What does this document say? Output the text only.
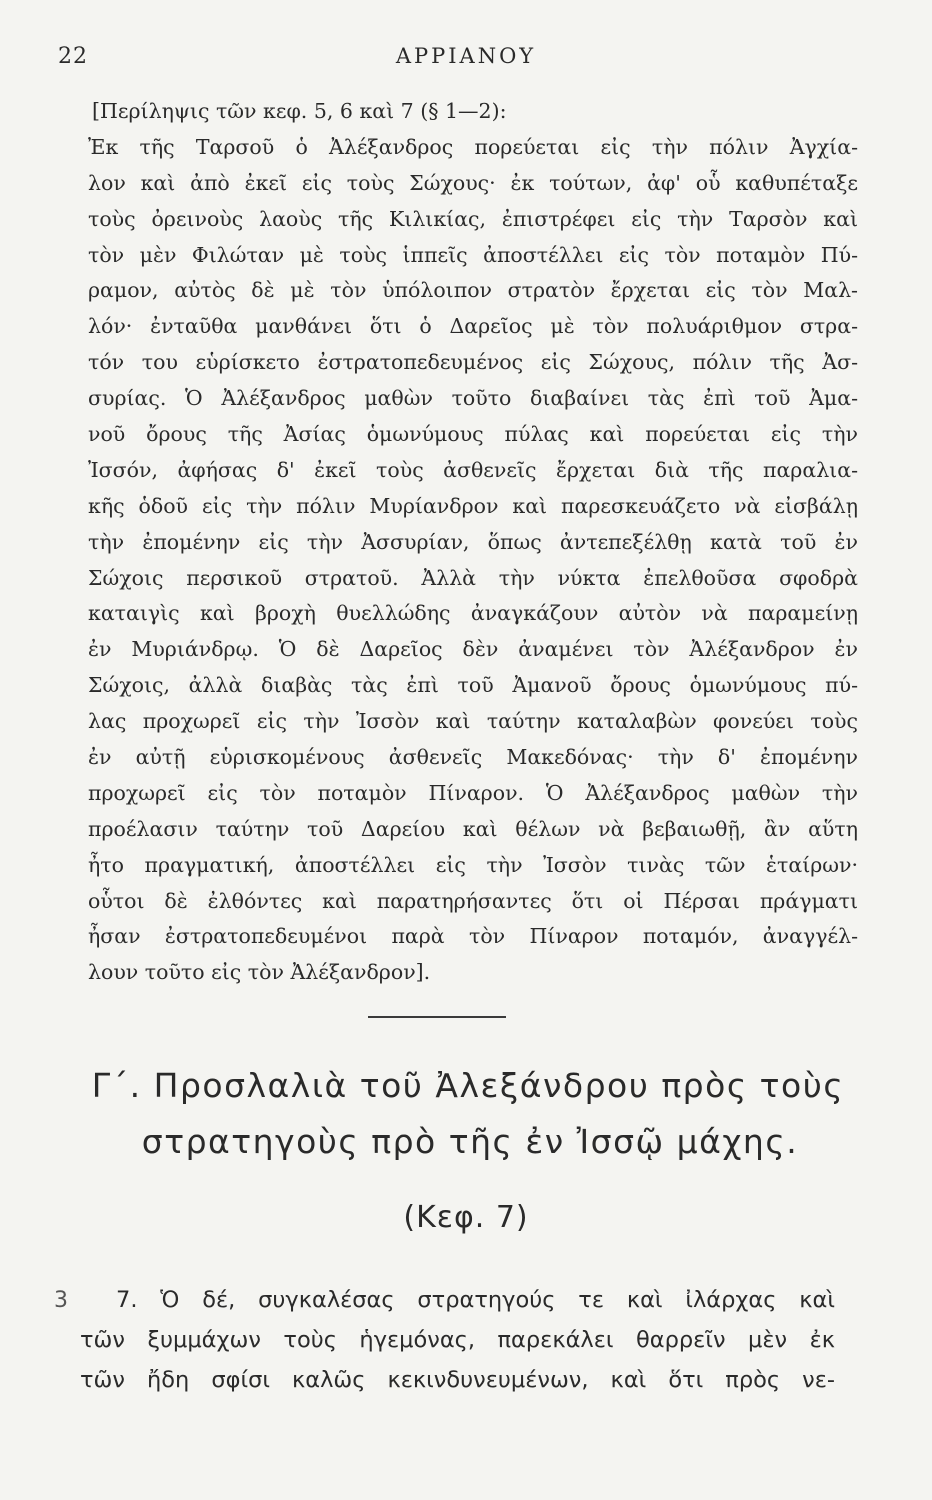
22	ΑΡΡΙΑΝΟΥ
[Περίληψις τῶν κεφ. 5, 6 καὶ 7 (§ 1—2):
Ἐκ τῆς Ταρσοῦ ὁ Ἀλέξανδρος πορεύεται εἰς τὴν πόλιν Ἀγχία-
λον καὶ ἀπὸ ἐκεῖ εἰς τοὺς Σώχους· ἐκ τούτων, ἀφ' οὗ καθυπέταξε
τοὺς ὀρεινοὺς λαοὺς τῆς Κιλικίας, ἐπιστρέφει εἰς τὴν Ταρσὸν καὶ
τὸν μὲν Φιλώταν μὲ τοὺς ἱππεῖς ἀποστέλλει εἰς τὸν ποταμὸν Πύ-
ραμον, αὐτὸς δὲ μὲ τὸν ὑπόλοιπον στρατὸν ἔρχεται εἰς τὸν Μαλ-
λόν· ἐνταῦθα μανθάνει ὅτι ὁ Δαρεῖος μὲ τὸν πολυάριθμον στρα-
τόν του εὑρίσκετο ἐστρατοπεδευμένος εἰς Σώχους, πόλιν τῆς Ἀσ-
συρίας. Ὁ Ἀλέξανδρος μαθὼν τοῦτο διαβαίνει τὰς ἐπὶ τοῦ Ἀμα-
νοῦ ὄρους τῆς Ἀσίας ὁμωνύμους πύλας καὶ πορεύεται εἰς τὴν
Ἰσσόν, ἀφήσας δ' ἐκεῖ τοὺς ἀσθενεῖς ἔρχεται διὰ τῆς παραλια-
κῆς ὁδοῦ εἰς τὴν πόλιν Μυρίανδρον καὶ παρεσκευάζετο νὰ εἰσβάλῃ
τὴν ἐπομένην εἰς τὴν Ἀσσυρίαν, ὅπως ἀντεπεξέλθῃ κατὰ τοῦ ἐν
Σώχοις περσικοῦ στρατοῦ. Ἀλλὰ τὴν νύκτα ἐπελθοῦσα σφοδρὰ
καταιγὶς καὶ βροχὴ θυελλώδης ἀναγκάζουν αὐτὸν νὰ παραμείνῃ
ἐν Μυριάνδρῳ. Ὁ δὲ Δαρεῖος δὲν ἀναμένει τὸν Ἀλέξανδρον ἐν
Σώχοις, ἀλλὰ διαβὰς τὰς ἐπὶ τοῦ Ἀμανοῦ ὄρους ὁμωνύμους πύ-
λας προχωρεῖ εἰς τὴν Ἰσσὸν καὶ ταύτην καταλαβὼν φονεύει τοὺς
ἐν αὐτῇ εὑρισκομένους ἀσθενεῖς Μακεδόνας· τὴν δ' ἐπομένην
προχωρεῖ εἰς τὸν ποταμὸν Πίναρον. Ὁ Ἀλέξανδρος μαθὼν τὴν
προέλασιν ταύτην τοῦ Δαρείου καὶ θέλων νὰ βεβαιωθῇ, ἂν αὕτη
ἦτο πραγματική, ἀποστέλλει εἰς τὴν Ἰσσὸν τινὰς τῶν ἑταίρων·
οὗτοι δὲ ἐλθόντες καὶ παρατηρήσαντες ὅτι οἱ Πέρσαι πράγματι
ἦσαν ἐστρατοπεδευμένοι παρὰ τὸν Πίναρον ποταμόν, ἀναγγέλ-
λουν τοῦτο εἰς τὸν Ἀλέξανδρον].
Γ΄. Προσλαλιὰ τοῦ Ἀλεξάνδρου πρὸς τοὺς
στρατηγοὺς πρὸ τῆς ἐν Ἰσσῷ μάχης.
(Κεφ. 7)
3	7. Ὁ δέ, συγκαλέσας στρατηγούς τε καὶ ἰλάρχας καὶ
τῶν ξυμμάχων τοὺς ἡγεμόνας, παρεκάλει θαρρεῖν μὲν ἐκ
τῶν ἤδη σφίσι καλῶς κεκινδυνευμένων, καὶ ὅτι πρὸς νε-
